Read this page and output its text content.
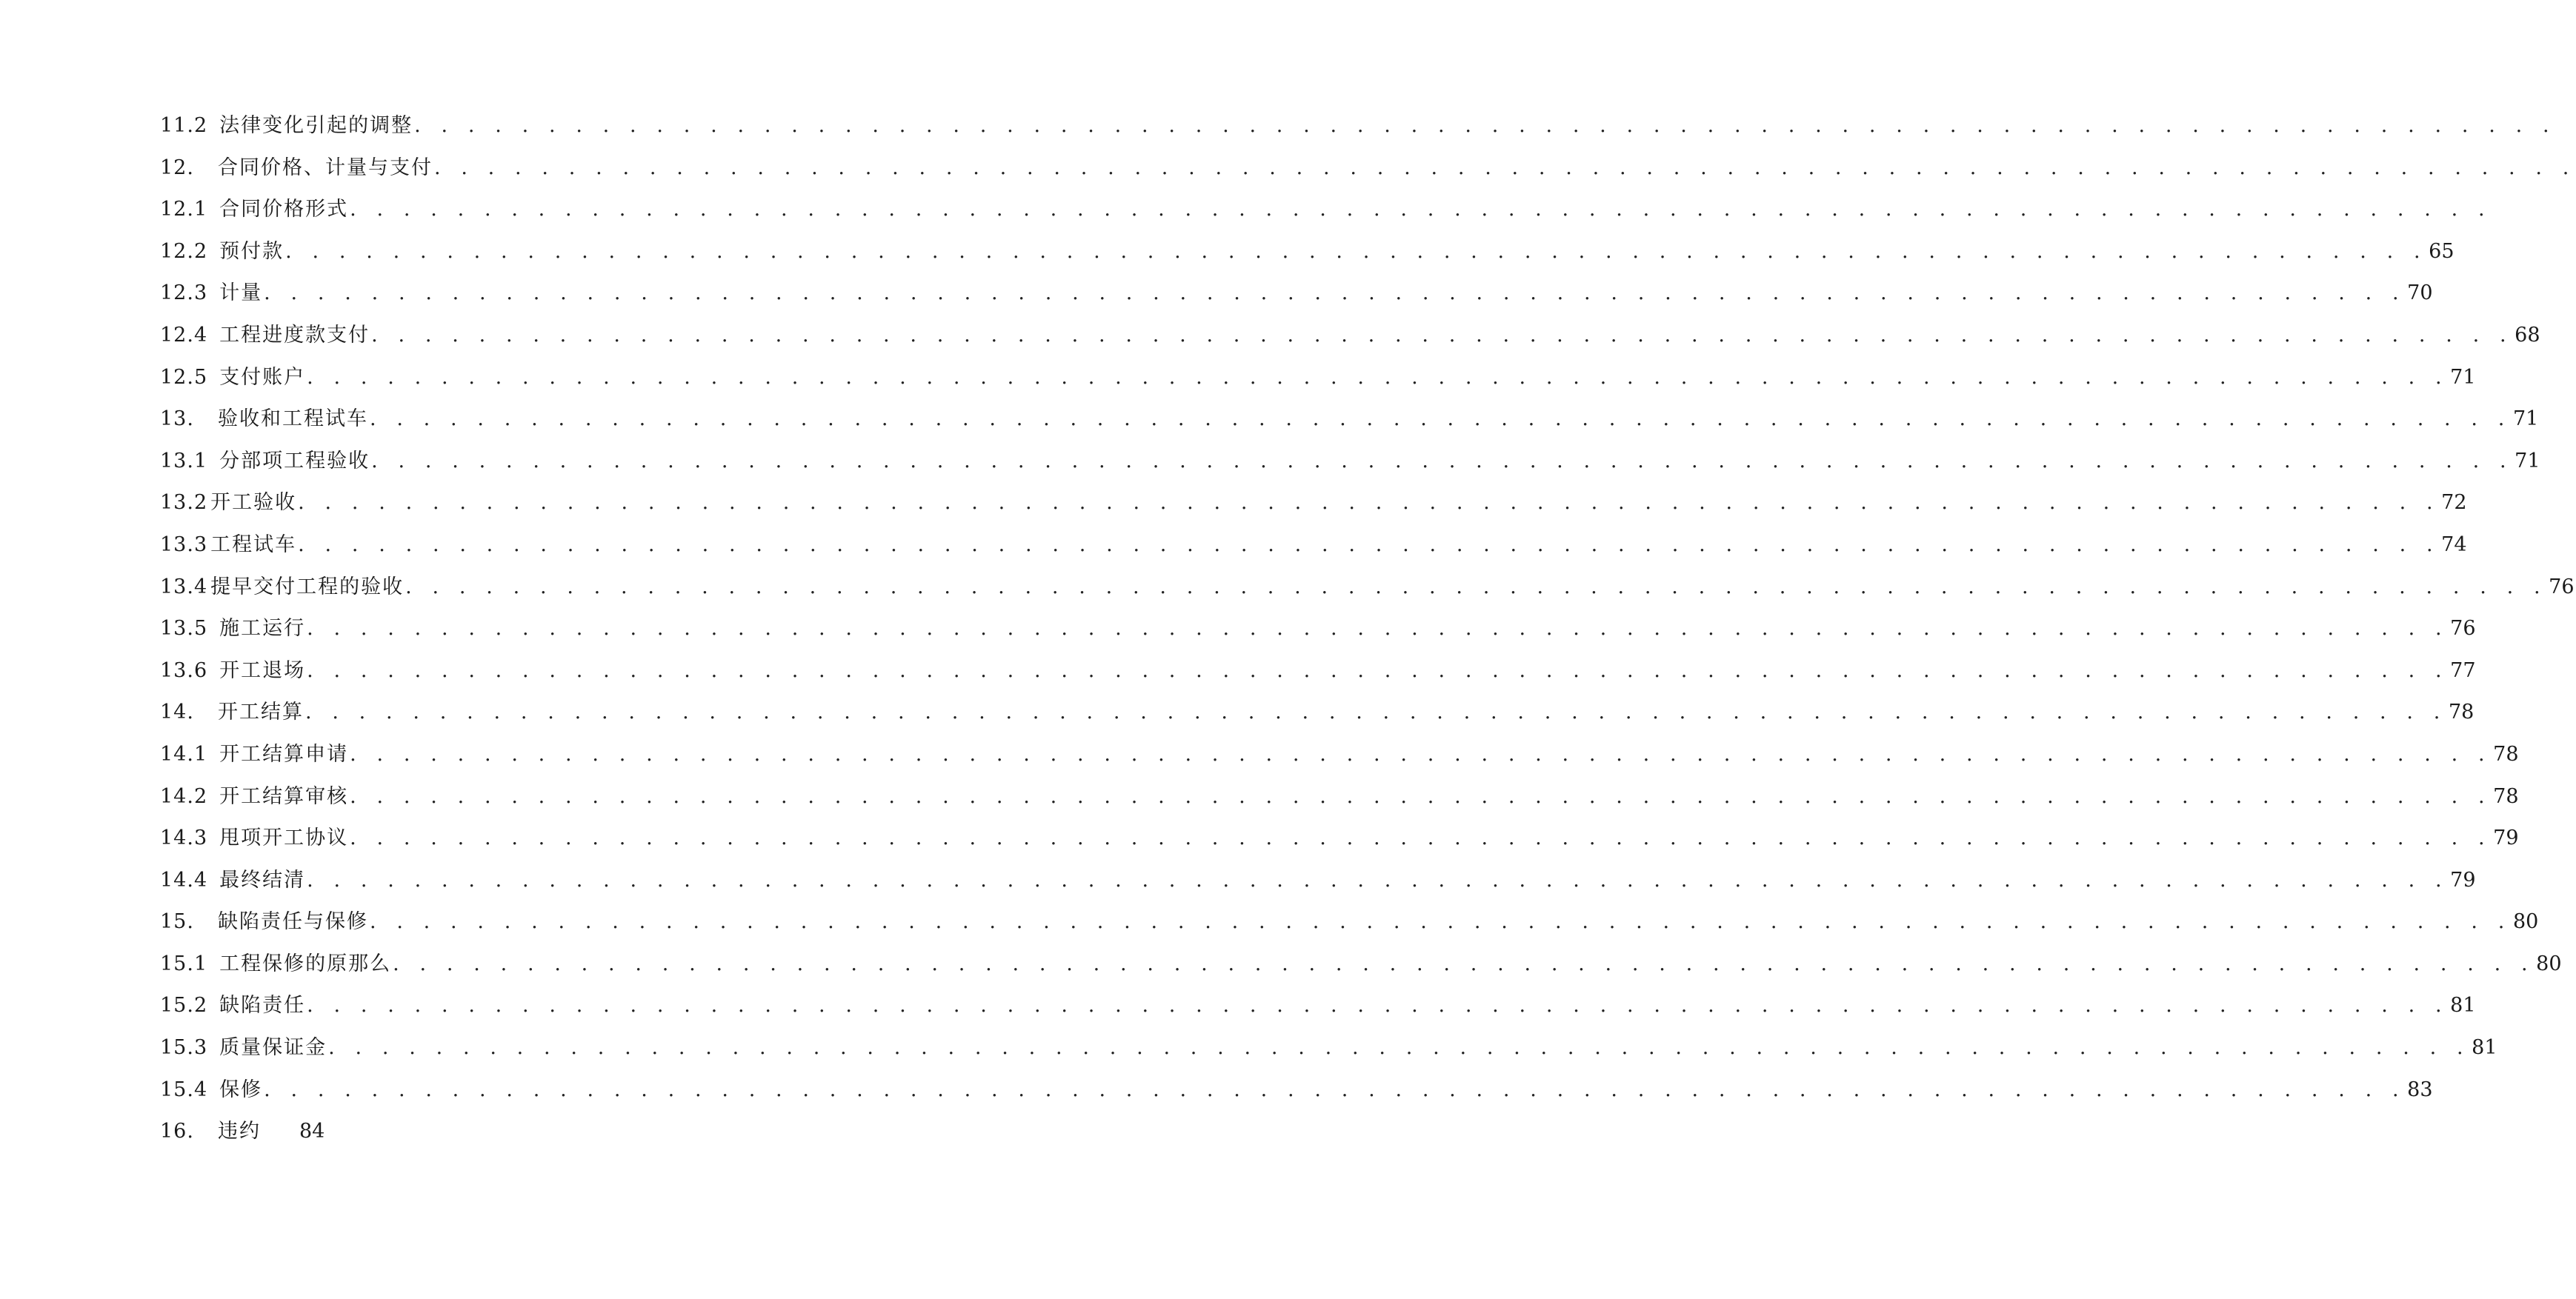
11.2 法律变化引起的调整 . . . . . . . . . . . . . . . . . . . . . . . . . . . . . . . . . . . . . . . . . . . . . . . . . . . . . . . . . . . . . . . . . . . . . . . . . . . . . . . .
12. 合同价格、计量与支付 . . . . . . . . . . . . . . . . . . . . . . . . . . . . . . . . . . . . . . . . . . . . . . . . . . . . . . . . . . . . . . . . . . . . . . . . . . . . . . . .
12.1 合同价格形式 . . . . . . . . . . . . . . . . . . . . . . . . . . . . . . . . . . . . . . . . . . . . . . . . . . . . . . . . . . . . . . . . . . . . . . . . . . . . . . . .
12.2 预付款 . . . . . . . . . . . . . . . . . . . . . . . . . . . . . . . . . . . . . . . . . . . . . . . . . . . . . . . . . . . . . . . . . . . . . . . . . . . . . . . . 65
12.3 计量 . . . . . . . . . . . . . . . . . . . . . . . . . . . . . . . . . . . . . . . . . . . . . . . . . . . . . . . . . . . . . . . . . . . . . . . . . . . . . . . . 70
12.4 工程进度款支付 . . . . . . . . . . . . . . . . . . . . . . . . . . . . . . . . . . . . . . . . . . . . . . . . . . . . . . . . . . . . . . . . . . . . . . . . . . . . . . . . 68
12.5 支付账户 . . . . . . . . . . . . . . . . . . . . . . . . . . . . . . . . . . . . . . . . . . . . . . . . . . . . . . . . . . . . . . . . . . . . . . . . . . . . . . . . 71
13. 验收和工程试车 . . . . . . . . . . . . . . . . . . . . . . . . . . . . . . . . . . . . . . . . . . . . . . . . . . . . . . . . . . . . . . . . . . . . . . . . . . . . . . . . 71
13.1 分部项工程验收 . . . . . . . . . . . . . . . . . . . . . . . . . . . . . . . . . . . . . . . . . . . . . . . . . . . . . . . . . . . . . . . . . . . . . . . . . . . . . . . . 71
13.2 开工验收 . . . . . . . . . . . . . . . . . . . . . . . . . . . . . . . . . . . . . . . . . . . . . . . . . . . . . . . . . . . . . . . . . . . . . . . . . . . . . . . . 72
13.3 工程试车 . . . . . . . . . . . . . . . . . . . . . . . . . . . . . . . . . . . . . . . . . . . . . . . . . . . . . . . . . . . . . . . . . . . . . . . . . . . . . . . . 74
13.4 提早交付工程的验收 . . . . . . . . . . . . . . . . . . . . . . . . . . . . . . . . . . . . . . . . . . . . . . . . . . . . . . . . . . . . . . . . . . . . . . . . . . . . . . . . 76
13.5 施工运行 . . . . . . . . . . . . . . . . . . . . . . . . . . . . . . . . . . . . . . . . . . . . . . . . . . . . . . . . . . . . . . . . . . . . . . . . . . . . . . . . 76
13.6 开工退场 . . . . . . . . . . . . . . . . . . . . . . . . . . . . . . . . . . . . . . . . . . . . . . . . . . . . . . . . . . . . . . . . . . . . . . . . . . . . . . . . 77
14. 开工结算 . . . . . . . . . . . . . . . . . . . . . . . . . . . . . . . . . . . . . . . . . . . . . . . . . . . . . . . . . . . . . . . . . . . . . . . . . . . . . . . . 78
14.1 开工结算申请 . . . . . . . . . . . . . . . . . . . . . . . . . . . . . . . . . . . . . . . . . . . . . . . . . . . . . . . . . . . . . . . . . . . . . . . . . . . . . . . . 78
14.2 开工结算审核 . . . . . . . . . . . . . . . . . . . . . . . . . . . . . . . . . . . . . . . . . . . . . . . . . . . . . . . . . . . . . . . . . . . . . . . . . . . . . . . . 78
14.3 甩项开工协议 . . . . . . . . . . . . . . . . . . . . . . . . . . . . . . . . . . . . . . . . . . . . . . . . . . . . . . . . . . . . . . . . . . . . . . . . . . . . . . . . 79
14.4 最终结清 . . . . . . . . . . . . . . . . . . . . . . . . . . . . . . . . . . . . . . . . . . . . . . . . . . . . . . . . . . . . . . . . . . . . . . . . . . . . . . . . 79
15. 缺陷责任与保修 . . . . . . . . . . . . . . . . . . . . . . . . . . . . . . . . . . . . . . . . . . . . . . . . . . . . . . . . . . . . . . . . . . . . . . . . . . . . . . . . 80
15.1 工程保修的原那么 . . . . . . . . . . . . . . . . . . . . . . . . . . . . . . . . . . . . . . . . . . . . . . . . . . . . . . . . . . . . . . . . . . . . . . . . . . . . . . . . 80
15.2 缺陷责任 . . . . . . . . . . . . . . . . . . . . . . . . . . . . . . . . . . . . . . . . . . . . . . . . . . . . . . . . . . . . . . . . . . . . . . . . . . . . . . . . 81
15.3 质量保证金 . . . . . . . . . . . . . . . . . . . . . . . . . . . . . . . . . . . . . . . . . . . . . . . . . . . . . . . . . . . . . . . . . . . . . . . . . . . . . . . . 81
15.4 保修 . . . . . . . . . . . . . . . . . . . . . . . . . . . . . . . . . . . . . . . . . . . . . . . . . . . . . . . . . . . . . . . . . . . . . . . . . . . . . . . . 83
16. 违约 84
